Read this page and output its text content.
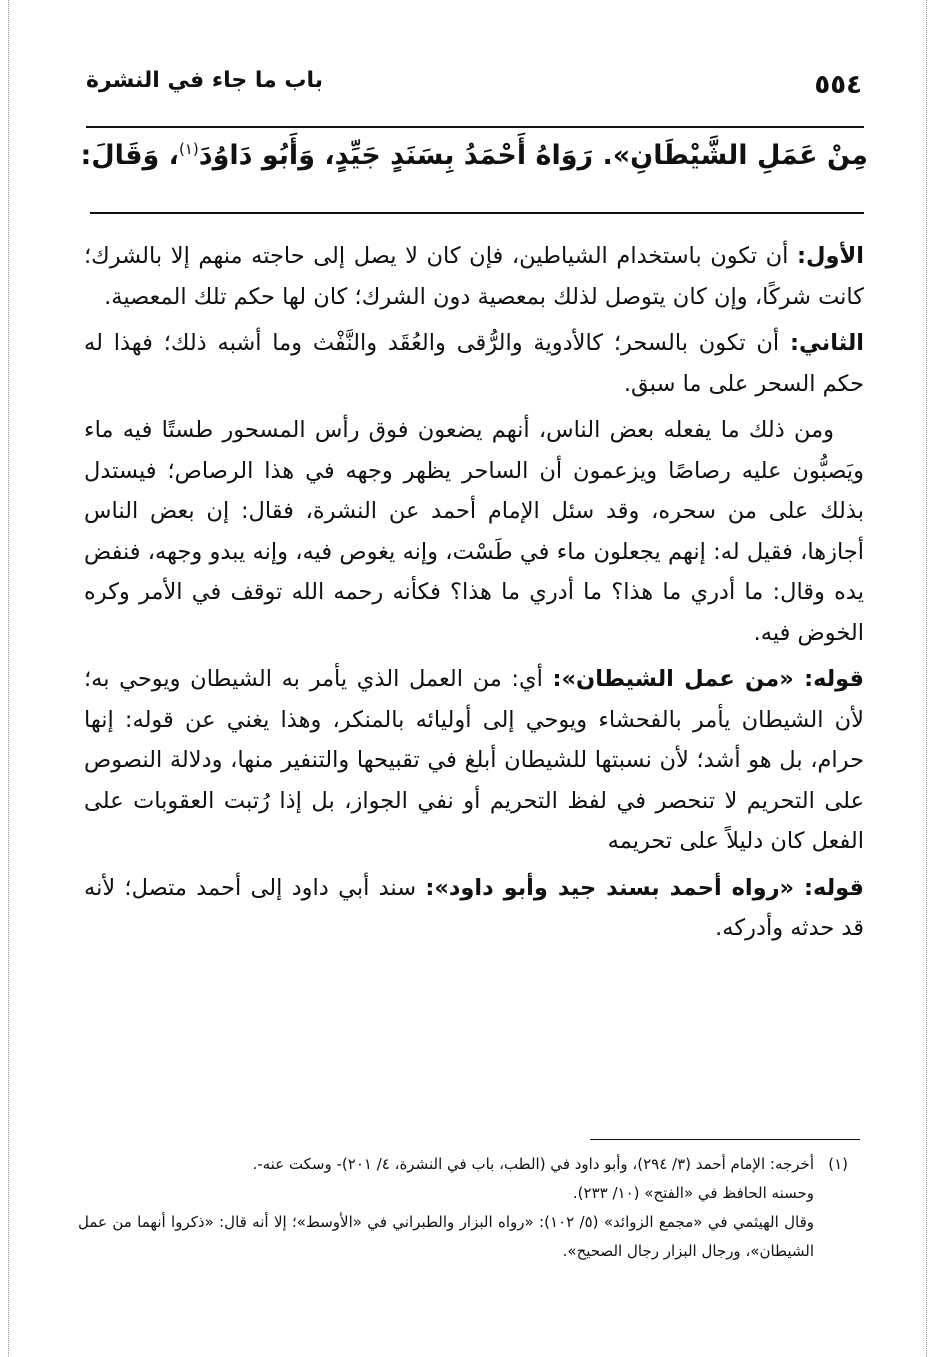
٥٥٤
باب ما جاء في النشرة
مِنْ عَمَلِ الشَّيْطَانِ». رَوَاهُ أَحْمَدُ بِسَنَدٍ جَيِّدٍ، وَأَبُو دَاوُدَ$^{(١)}$، وَقَالَ:

الأول: أن تكون باستخدام الشياطين، فإن كان لا يصل إلى حاجته منهم إلا بالشرك؛ كانت شركًا، وإن كان يتوصل لذلك بمعصية دون الشرك؛ كان لها حكم تلك المعصية.

الثاني: أن تكون بالسحر؛ كالأدوية والرُّقى والعُقَد والنَّفْث وما أشبه ذلك؛ فهذا له حكم السحر على ما سبق.

ومن ذلك ما يفعله بعض الناس، أنهم يضعون فوق رأس المسحور طستًا فيه ماء ويَصبُّون عليه رصاصًا ويزعمون أن الساحر يظهر وجهه في هذا الرصاص؛ فيستدل بذلك على من سحره، وقد سئل الإمام أحمد عن النشرة، فقال: إن بعض الناس أجازها، فقيل له: إنهم يجعلون ماء في طَسْت، وإنه يغوص فيه، وإنه يبدو وجهه، فنفض يده وقال: ما أدري ما هذا؟ ما أدري ما هذا؟ فكأنه رحمه الله توقف في الأمر وكره الخوض فيه.

قوله: «من عمل الشيطان»: أي: من العمل الذي يأمر به الشيطان ويوحي به؛ لأن الشيطان يأمر بالفحشاء ويوحي إلى أوليائه بالمنكر، وهذا يغني عن قوله: إنها حرام، بل هو أشد؛ لأن نسبتها للشيطان أبلغ في تقبيحها والتنفير منها، ودلالة النصوص على التحريم لا تنحصر في لفظ التحريم أو نفي الجواز، بل إذا رُتبت العقوبات على الفعل كان دليلاً على تحريمه

قوله: «رواه أحمد بسند جيد وأبو داود»: سند أبي داود إلى أحمد متصل؛ لأنه قد حدثه وأدركه.

(١)أخرجه: الإمام أحمد (٣/ ٢٩٤)، وأبو داود في (الطب، باب في النشرة، ٤/ ٢٠١)- وسكت عنه-.

وحسنه الحافظ في «الفتح» (١٠/ ٢٣٣).

وقال الهيثمي في «مجمع الزوائد» (٥/ ١٠٢): «رواه البزار والطبراني في «الأوسط»؛ إلا أنه قال: «ذكروا أنهما من عمل الشيطان»، ورجال البزار رجال الصحيح».
